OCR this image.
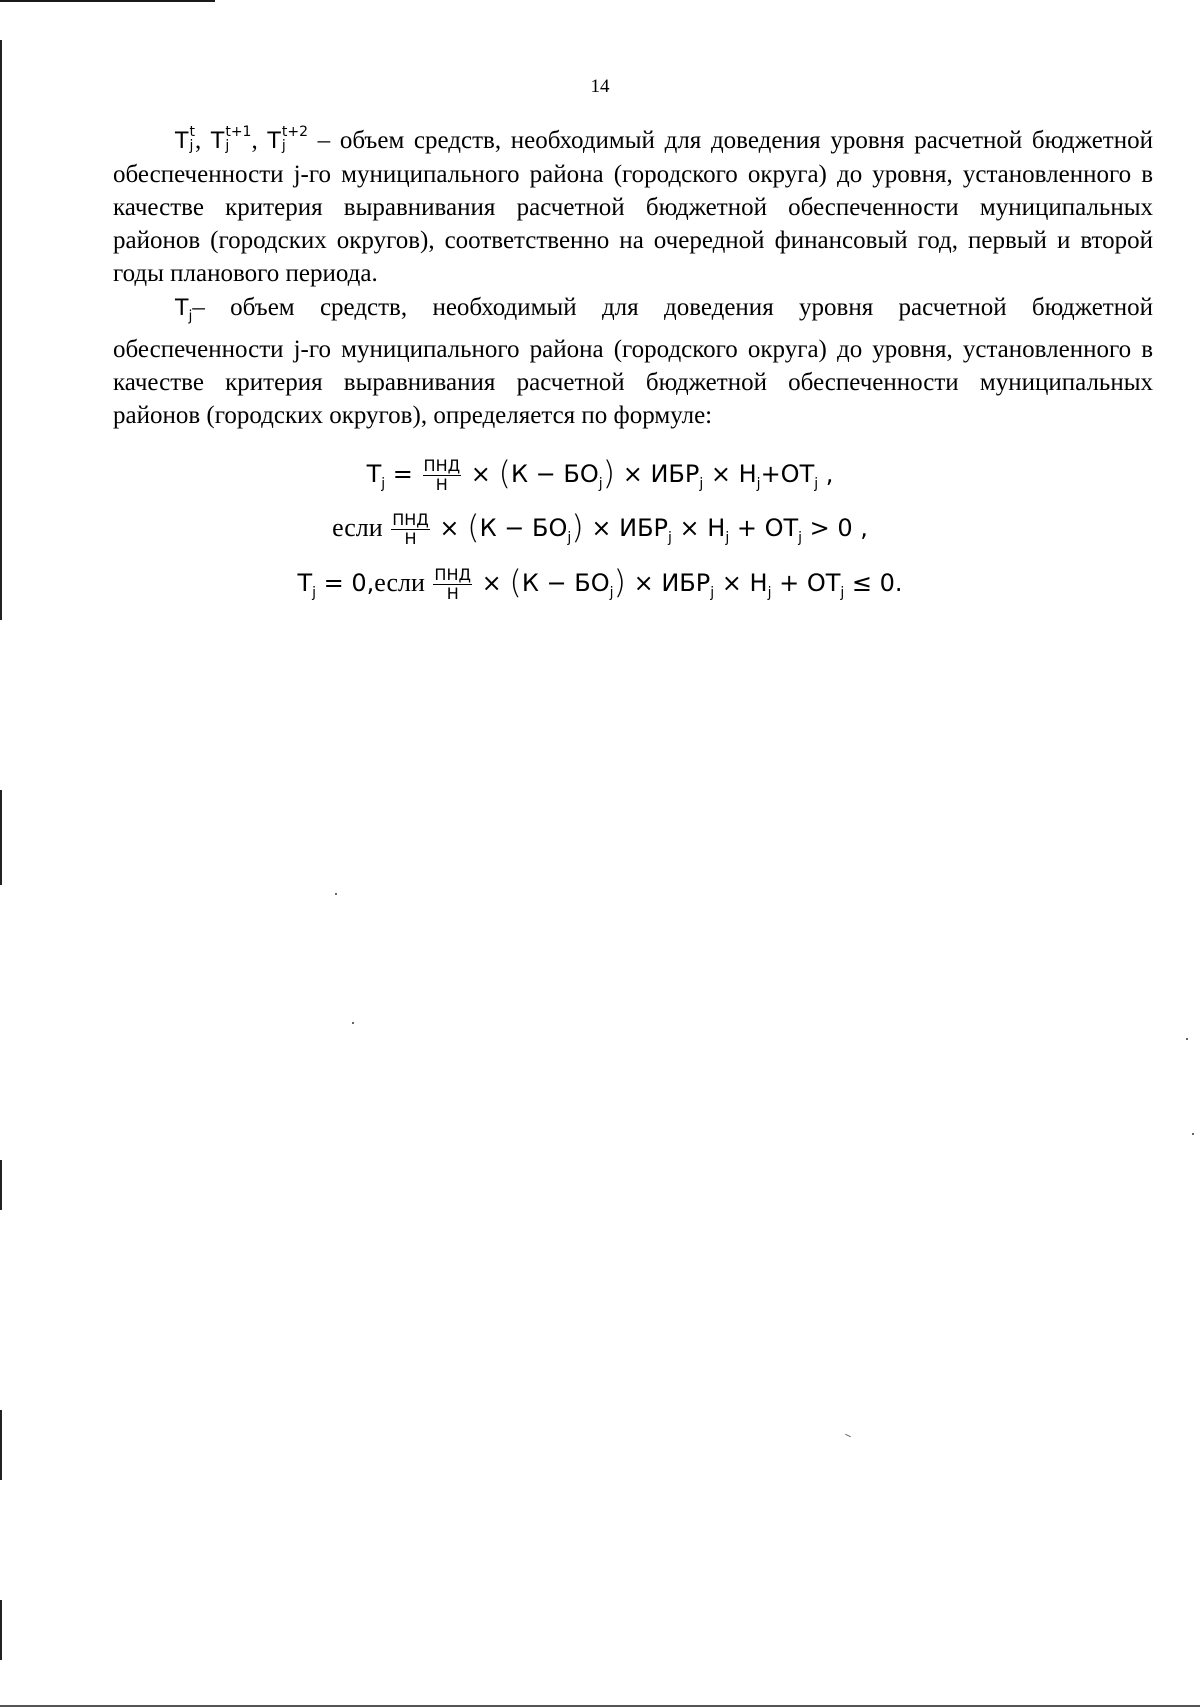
14
T t
j , T t+1
j , T t+2
j – объем средств, необходимый для доведения уровня расчетной бюджетной обеспеченности j-го муниципального района (городского округа) до уровня, установленного в качестве критерия выравнивания расчетной бюджетной обеспеченности муниципальных районов (городских округов), соответственно на очередной финансовый год, первый и второй годы планового периода.
$T_j-$ объем средств, необходимый для доведения уровня расчетной бюджетной обеспеченности j-го муниципального района (городского округа) до уровня, установленного в качестве критерия выравнивания расчетной бюджетной обеспеченности муниципальных районов (городских округов), определяется по формуле:
$T_j = \frac{\text{ПНД}}{Н} \times (К - БО_j) \times ИБР_j \times Н_j+ОТ_j$ ,
если $\frac{\text{ПНД}}{Н} \times (К - БО_j) \times ИБР_j \times Н_j + ОТ_j > 0$ ,
$T_j$ = 0,если $\frac{\text{ПНД}}{Н} \times (К - БО_j) \times ИБР_j \times Н_j + ОТ_j \le 0$.
